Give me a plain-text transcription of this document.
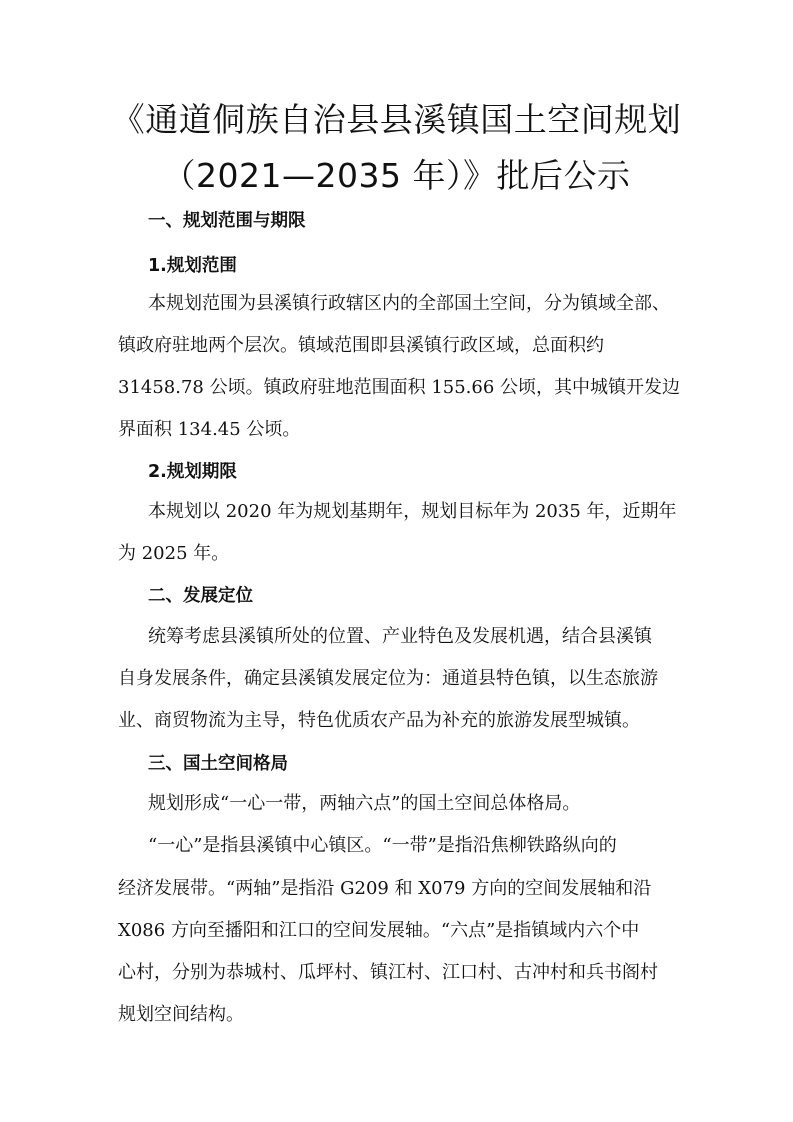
《通道侗族自治县县溪镇国土空间规划
（2021—2035 年）》批后公示
一、规划范围与期限
1.规划范围
本规划范围为县溪镇行政辖区内的全部国土空间，分为镇域全部、
镇政府驻地两个层次。镇域范围即县溪镇行政区域，总面积约
31458.78 公顷。镇政府驻地范围面积 155.66 公顷，其中城镇开发边
界面积 134.45 公顷。
2.规划期限
本规划以 2020 年为规划基期年，规划目标年为 2035 年，近期年
为 2025 年。
二、发展定位
统筹考虑县溪镇所处的位置、产业特色及发展机遇，结合县溪镇
自身发展条件，确定县溪镇发展定位为：通道县特色镇，以生态旅游
业、商贸物流为主导，特色优质农产品为补充的旅游发展型城镇。
三、国土空间格局
规划形成“一心一带，两轴六点”的国土空间总体格局。
“一心”是指县溪镇中心镇区。“一带”是指沿焦柳铁路纵向的
经济发展带。“两轴”是指沿 G209 和 X079 方向的空间发展轴和沿
X086 方向至播阳和江口的空间发展轴。“六点”是指镇域内六个中
心村，分别为恭城村、瓜坪村、镇江村、江口村、古冲村和兵书阁村
规划空间结构。
